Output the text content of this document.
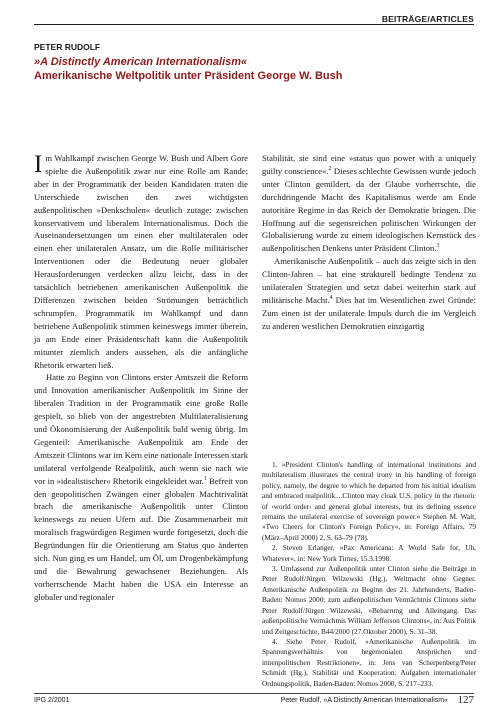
BEITRÄGE/ARTICLES
PETER RUDOLF
»A Distinctly American Internationalism«
Amerikanische Weltpolitik unter Präsident George W. Bush

Im Wahlkampf zwischen George W. Bush und Albert Gore spielte die Außenpolitik zwar nur eine Rolle am Rande; aber in der Programmatik der beiden Kandidaten traten die Unterschiede zwischen den zwei wichtigsten außenpolitischen »Denkschulen« deutlich zutage: zwischen konservativem und liberalem Internationalismus. Doch die Auseinandersetzungen um einen eher multilateralen oder einen eher unilateralen Ansatz, um die Rolle militärischer Interventionen oder die Bedeutung neuer globaler Herausforderungen verdecken allzu leicht, dass in der tatsächlich betriebenen amerikanischen Außenpolitik die Differenzen zwischen beiden Strömungen beträchtlich schrumpfen. Programmatik im Wahlkampf und dann betriebene Außenpolitik stimmen keineswegs immer überein, ja am Ende einer Präsidentschaft kann die Außenpolitik mitunter ziemlich anders aussehen, als die anfängliche Rhetorik erwarten ließ.

Hatte zu Beginn von Clintons erster Amtszeit die Reform und Innovation amerikanischer Außenpolitik im Sinne der liberalen Tradition in der Programmatik eine große Rolle gespielt, so blieb von der angestrebten Multilateralisierung und Ökonomisierung der Außenpolitik bald wenig übrig. Im Gegenteil: Amerikanische Außenpolitik am Ende der Amtszeit Clintons war im Kern eine nationale Interessen stark unilateral verfolgende Realpolitik, auch wenn sie nach wie vor in »idealistischer« Rhetorik eingekleidet war.$^1$ Befreit von den geopolitischen Zwängen einer globalen Machtrivalität brach die amerikanische Außenpolitik unter Clinton keineswegs zu neuen Ufern auf. Die Zusammenarbeit mit moralisch fragwürdigen Regimen wurde fortgesetzt, doch die Begründungen für die Orientierung am Status quo änderten sich. Nun ging es um Handel, um Öl, um Drogenbekämpfung und die Bewahrung gewachsener Beziehungen. Als vorherrschende Macht haben die USA ein Interesse an globaler und regionaler

Stabilität, sie sind eine »status quo power with a uniquely guilty conscience«.$^2$ Dieses schlechte Gewissen wurde jedoch unter Clinton gemildert, da der Glaube vorherrschte, die durchdringende Macht des Kapitalismus werde am Ende autoritäre Regime in das Reich der Demokratie bringen. Die Hoffnung auf die segensreichen politischen Wirkungen der Globalisierung wurde zu einem ideologischen Kernstück des außenpolitischen Denkens unter Präsident Clinton.$^3$

Amerikanische Außenpolitik – auch das zeigte sich in den Clinton-Jahren – hat eine strukturell bedingte Tendenz zu unilateralen Strategien und setzt dabei weiterhin stark auf militärische Macht.$^4$ Dies hat im Wesentlichen zwei Gründe: Zum einen ist der unilaterale Impuls durch die im Vergleich zu anderen westlichen Demokratien einzigartig

1. »President Clinton's handling of international institutions and multilateralism illustrates the central irony in his handling of foreign policy, namely, the degree to which he departed from his initial idealism and embraced realpolitik....Clinton may cloak U.S. policy in the rhetoric of ›world order‹ and general global interests, but its defining essence remains the unilateral exercise of sovereign power.« Stephen M. Walt, »Two Cheers for Clinton's Foreign Policy«, in: Foreign Affairs, 79 (März–April 2000) 2, S. 63–79 (78).

2. Steven Erlanger, »Pax Americana: A World Safe for, Uh, Whatever«, in: New York Times, 15.3.1998.

3. Umfassend zur Außenpolitik unter Clinton siehe die Beiträge in Peter Rudolf/Jürgen Wilzewski (Hg.), Weltmacht ohne Gegner. Amerikanische Außenpolitik zu Beginn des 21. Jahrhunderts, Baden-Baden: Nomos 2000; zum außenpolitischen Vermächtnis Clintons siehe Peter Rudolf/Jürgen Wilzewski, »Beharrung und Alleingang. Das außenpolitische Vermächtnis William Jefferson Clintons«, in: Aus Politik und Zeitgeschichte, B44/2000 (27.Oktober 2000), S. 31–38.

4. Siehe Peter Rudolf, »Amerikanische Außenpolitik im Spannungsverhältnis von hegemonialen Ansprüchen und innenpolitischen Restriktionen«, in: Jens van Scherpenberg/Peter Schmidt (Hg.), Stabilität und Kooperation: Aufgaben internationaler Ordnungspolitik, Baden-Baden: Nomos 2000, S. 217–233.

IPG 2/2001	Peter Rudolf, »A Distinctly American Internationalism« 127
